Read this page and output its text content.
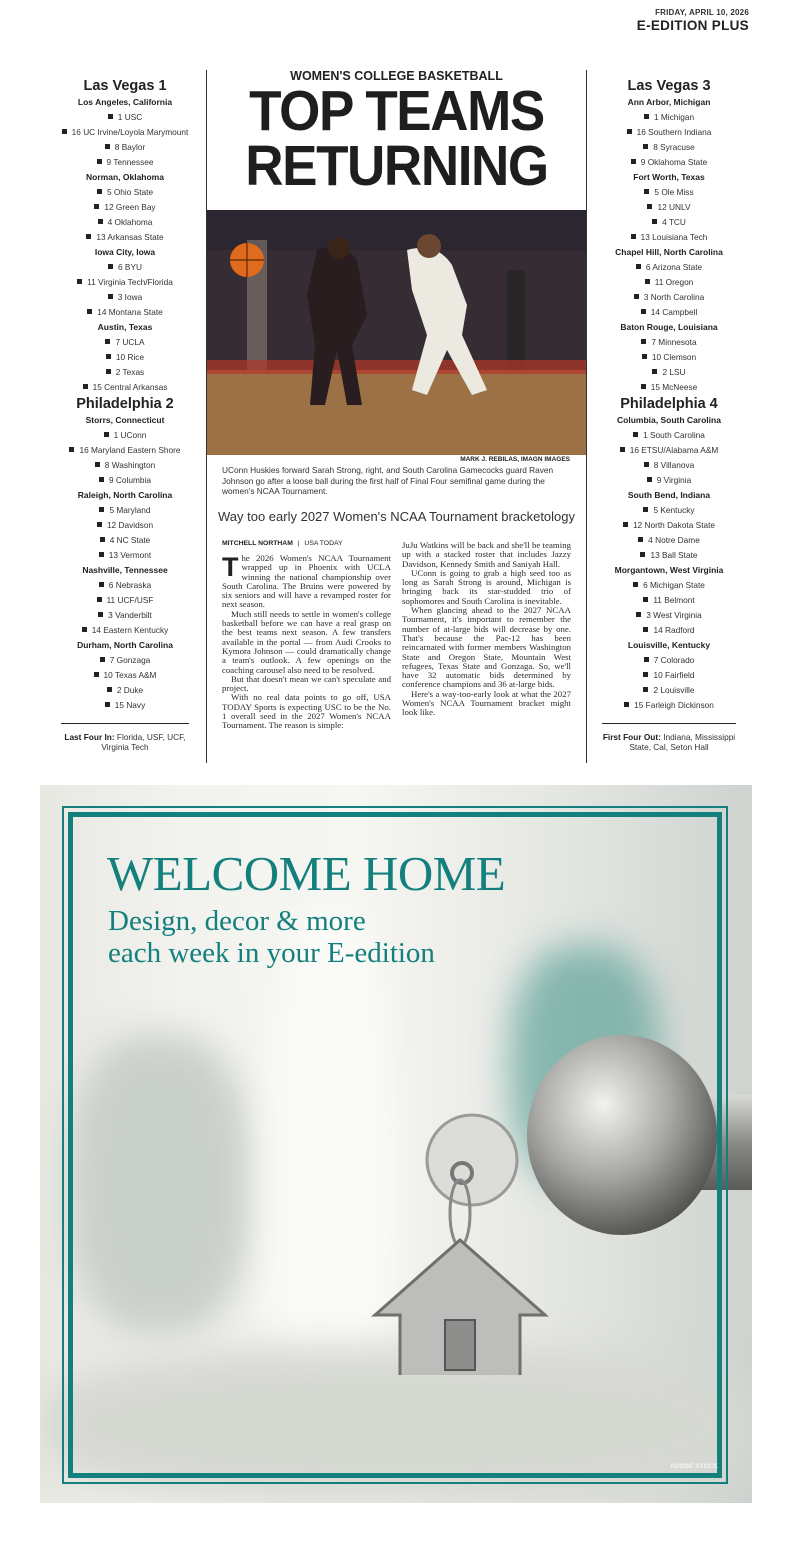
FRIDAY, APRIL 10, 2026
E-EDITION PLUS
Las Vegas 1
Los Angeles, California
1 USC
16 UC Irvine/Loyola Marymount
8 Baylor
9 Tennessee
Norman, Oklahoma
5 Ohio State
12 Green Bay
4 Oklahoma
13 Arkansas State
Iowa City, Iowa
6 BYU
11 Virginia Tech/Florida
3 Iowa
14 Montana State
Austin, Texas
7 UCLA
10 Rice
2 Texas
15 Central Arkansas
Philadelphia 2
Storrs, Connecticut
1 UConn
16 Maryland Eastern Shore
8 Washington
9 Columbia
Raleigh, North Carolina
5 Maryland
12 Davidson
4 NC State
13 Vermont
Nashville, Tennessee
6 Nebraska
11 UCF/USF
3 Vanderbilt
14 Eastern Kentucky
Durham, North Carolina
7 Gonzaga
10 Texas A&M
2 Duke
15 Navy
Last Four In: Florida, USF, UCF, Virginia Tech
Las Vegas 3
Ann Arbor, Michigan
1 Michigan
16 Southern Indiana
8 Syracuse
9 Oklahoma State
Fort Worth, Texas
5 Ole Miss
12 UNLV
4 TCU
13 Louisiana Tech
Chapel Hill, North Carolina
6 Arizona State
11 Oregon
3 North Carolina
14 Campbell
Baton Rouge, Louisiana
7 Minnesota
10 Clemson
2 LSU
15 McNeese
Philadelphia 4
Columbia, South Carolina
1 South Carolina
16 ETSU/Alabama A&M
8 Villanova
9 Virginia
South Bend, Indiana
5 Kentucky
12 North Dakota State
4 Notre Dame
13 Ball State
Morgantown, West Virginia
6 Michigan State
11 Belmont
3 West Virginia
14 Radford
Louisville, Kentucky
7 Colorado
10 Fairfield
2 Louisville
15 Farleigh Dickinson
First Four Out: Indiana, Mississippi State, Cal, Seton Hall
WOMEN'S COLLEGE BASKETBALL
TOP TEAMS
RETURNING
MARK J. REBILAS, IMAGN IMAGES
UConn Huskies forward Sarah Strong, right, and South Carolina Gamecocks guard Raven Johnson go after a loose ball during the first half of Final Four semifinal game during the women's NCAA Tournament.
Way too early 2027 Women's NCAA Tournament bracketology
MITCHELL NORTHAM | USA TODAY

The 2026 Women's NCAA Tournament wrapped up in Phoenix with UCLA winning the national championship over South Carolina. The Bruins were powered by six seniors and will have a revamped roster for next season.

Much still needs to settle in women's college basketball before we can have a real grasp on the best teams next season. A few transfers available in the portal — from Audi Crooks to Kymora Johnson — could dramatically change a team's outlook. A few openings on the coaching carousel also need to be resolved.

But that doesn't mean we can't speculate and project.

With no real data points to go off, USA TODAY Sports is expecting USC to be the No. 1 overall seed in the 2027 Women's NCAA Tournament. The reason is simple:

JuJu Watkins will be back and she'll be teaming up with a stacked roster that includes Jazzy Davidson, Kennedy Smith and Saniyah Hall.

UConn is going to grab a high seed too as long as Sarah Strong is around, Michigan is bringing back its star-studded trio of sophomores and South Carolina is inevitable.

When glancing ahead to the 2027 NCAA Tournament, it's important to remember the number of at-large bids will decrease by one. That's because the Pac-12 has been reincarnated with former members Washington State and Oregon State, Mountain West refugees, Texas State and Gonzaga. So, we'll have 32 automatic bids determined by conference champions and 36 at-large bids.

Here's a way-too-early look at what the 2027 Women's NCAA Tournament bracket might look like.

WELCOME HOME
Design, decor & more
each week in your E-edition
ADOBE STOCK
